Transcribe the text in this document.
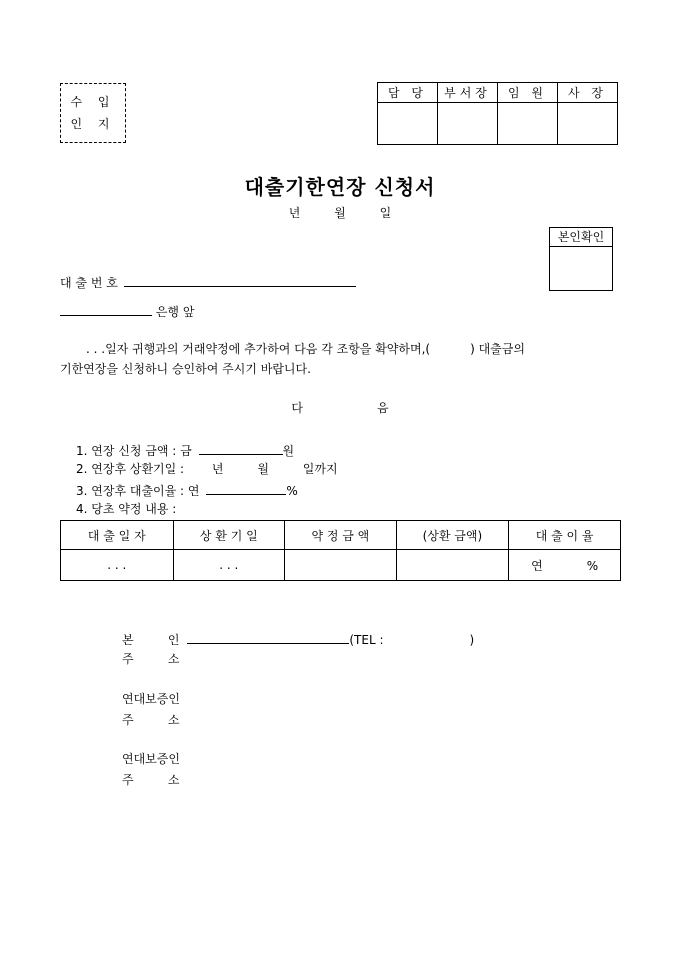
수 입
인 지
담 당	부서장	임 원	사 장

대출기한연장 신청서
년	월	일
본인확인
대 출 번 호
은행 앞
. . .일자 귀행과의 거래약정에 추가하여 다음 각 조항을 확약하며,(	) 대출금의
기한연장을 신청하니 승인하여 주시기 바랍니다.
다	음
1. 연장 신청 금액 : 금	원
2. 연장후 상환기일 : 년	월	일까지
3. 연장후 대출이율 : 연	%
4. 당초 약정 내용 :
대 출 일 자	상 환 기 일	약 정 금 액	(상환 금액)	대 출 이 율
. . .	. . .			연 %
본         인	(TEL :	)
주         소
연대보증인
주         소
연대보증인
주         소
